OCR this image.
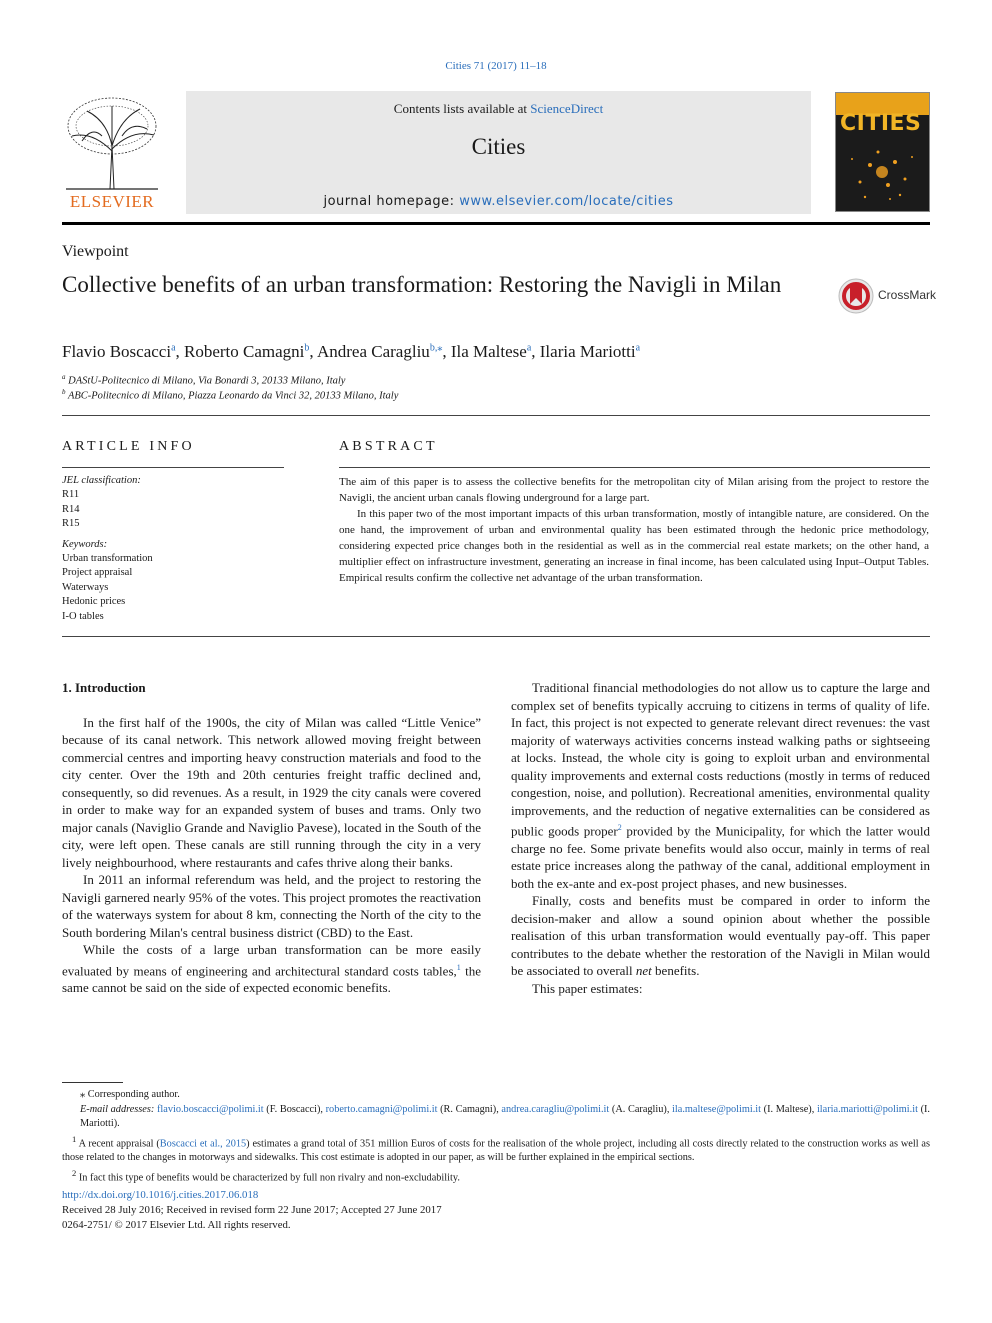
Cities 71 (2017) 11–18
ELSEVIER
Contents lists available at ScienceDirect
Cities
journal homepage: www.elsevier.com/locate/cities
CITIES
Viewpoint
Collective benefits of an urban transformation: Restoring the Navigli in Milan	CrossMark
Flavio Boscacci$^a$, Roberto Camagni$^b$, Andrea Caragliu$^{b,⁎}$, Ila Maltese$^a$, Ilaria Mariotti$^a$
$^a$ DAStU-Politecnico di Milano, Via Bonardi 3, 20133 Milano, Italy
$^b$ ABC-Politecnico di Milano, Piazza Leonardo da Vinci 32, 20133 Milano, Italy
ARTICLE INFO
JEL classification:
R11
R14
R15
Keywords:
Urban transformation
Project appraisal
Waterways
Hedonic prices
I-O tables
ABSTRACT

The aim of this paper is to assess the collective benefits for the metropolitan city of Milan arising from the project to restore the Navigli, the ancient urban canals flowing underground for a large part.

In this paper two of the most important impacts of this urban transformation, mostly of intangible nature, are considered. On the one hand, the improvement of urban and environmental quality has been estimated through the hedonic price methodology, considering expected price changes both in the residential as well as in the commercial real estate markets; on the other hand, a multiplier effect on infrastructure investment, generating an increase in final income, has been calculated using Input–Output Tables. Empirical results confirm the collective net advantage of the urban transformation.

1. Introduction

In the first half of the 1900s, the city of Milan was called “Little Venice” because of its canal network. This network allowed moving freight between commercial centres and importing heavy construction materials and food to the city center. Over the 19th and 20th centuries freight traffic declined and, consequently, so did revenues. As a result, in 1929 the city canals were covered in order to make way for an expanded system of buses and trams. Only two major canals (Naviglio Grande and Naviglio Pavese), located in the South of the city, were left open. These canals are still running through the city in a very lively neighbourhood, where restaurants and cafes thrive along their banks.

In 2011 an informal referendum was held, and the project to restoring the Navigli garnered nearly 95% of the votes. This project promotes the reactivation of the waterways system for about 8 km, connecting the North of the city to the South bordering Milan's central business district (CBD) to the East.

While the costs of a large urban transformation can be more easily evaluated by means of engineering and architectural standard costs tables,$^1$ the same cannot be said on the side of expected economic benefits.

Traditional financial methodologies do not allow us to capture the large and complex set of benefits typically accruing to citizens in terms of quality of life. In fact, this project is not expected to generate relevant direct revenues: the vast majority of waterways activities concerns instead walking paths or sightseeing at locks. Instead, the whole city is going to exploit urban and environmental quality improvements and external costs reductions (mostly in terms of reduced congestion, noise, and pollution). Recreational amenities, environmental quality improvements, and the reduction of negative externalities can be considered as public goods proper$^2$ provided by the Municipality, for which the latter would charge no fee. Some private benefits would also occur, mainly in terms of real estate price increases along the pathway of the canal, additional employment in both the ex-ante and ex-post project phases, and new businesses.

Finally, costs and benefits must be compared in order to inform the decision-maker and allow a sound opinion about whether the possible realisation of this urban transformation would eventually pay-off. This paper contributes to the debate whether the restoration of the Navigli in Milan would be associated to overall net benefits.

This paper estimates:

⁎ Corresponding author.

E-mail addresses: flavio.boscacci@polimi.it (F. Boscacci), roberto.camagni@polimi.it (R. Camagni), andrea.caragliu@polimi.it (A. Caragliu), ila.maltese@polimi.it (I. Maltese), ilaria.mariotti@polimi.it (I. Mariotti).

$^1$ A recent appraisal (Boscacci et al., 2015) estimates a grand total of 351 million Euros of costs for the realisation of the whole project, including all costs directly related to the construction works as well as those related to the changes in motorways and sidewalks. This cost estimate is adopted in our paper, as will be further explained in the empirical sections.

$^2$ In fact this type of benefits would be characterized by full non rivalry and non-excludability.

http://dx.doi.org/10.1016/j.cities.2017.06.018
Received 28 July 2016; Received in revised form 22 June 2017; Accepted 27 June 2017
0264-2751/ © 2017 Elsevier Ltd. All rights reserved.
